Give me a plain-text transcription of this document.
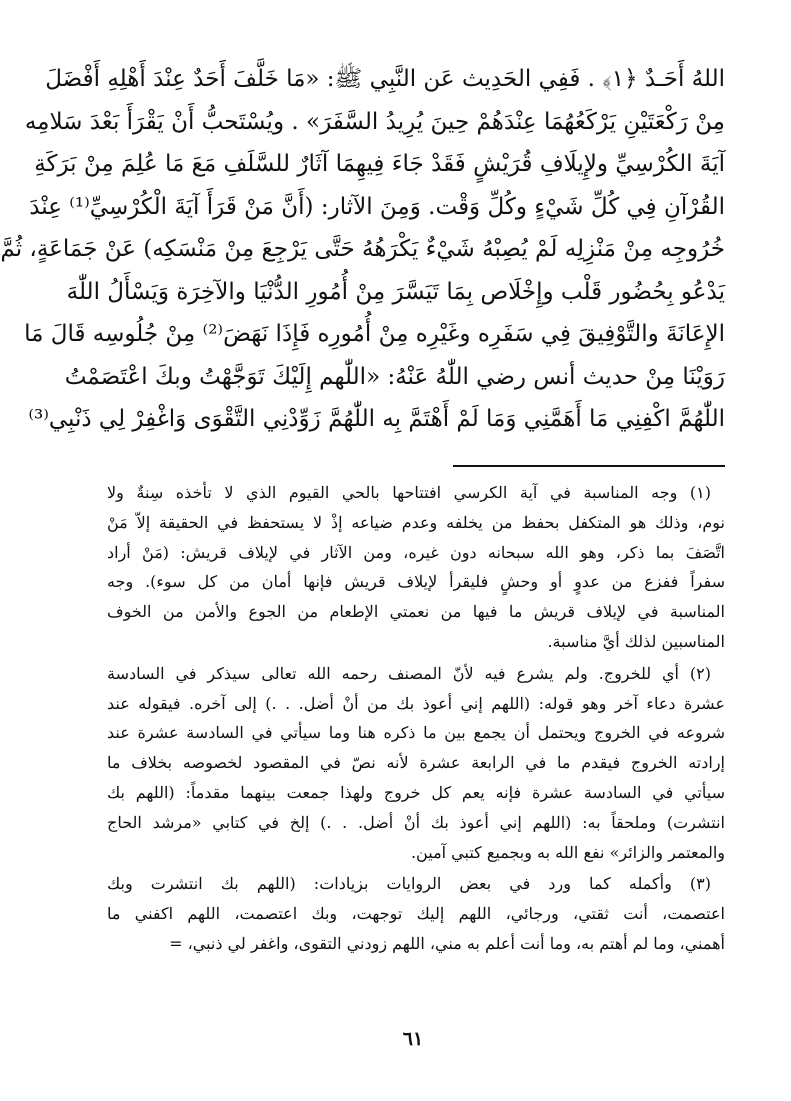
اللهُ أَحَـدٌ ﴿١﴾ . فَفِي الحَدِيث عَن النَّبِي ﷺ: «مَا خَلَّفَ أَحَدٌ عِنْدَ أَهْلِهِ أَفْضَلَ
مِنْ رَكْعَتَيْنِ يَرْكَعُهُمَا عِنْدَهُمْ حِينَ يُرِيدُ السَّفَرَ» . ويُسْتَحبُّ أَنْ يَقْرَأَ بَعْدَ سَلامِه
آيَةَ الكُرْسِيِّ ولإِيلَافِ قُرَيْشٍ فَقَدْ جَاءَ فِيهِمَا آثَارٌ للسَّلَفِ مَعَ مَا عُلِمَ مِنْ بَرَكَةِ
القُرْآنِ فِي كُلِّ شَيْءٍ وكُلِّ وَقْت. وَمِنَ الآثار: (أَنَّ مَنْ قَرَأَ آيَةَ الْكُرْسِيِّ⁽¹⁾ عِنْدَ
خُرُوجِه مِنْ مَنْزِلِه لَمْ يُصِبْهُ شَيْءٌ يَكْرَهُهُ حَتَّى يَرْجِعَ مِنْ مَنْسَكِه) عَنْ جَمَاعَةٍ، ثُمَّ
يَدْعُو بِحُضُور قَلْب وإِخْلَاص بِمَا تَيَسَّرَ مِنْ أُمُورِ الدُّنْيَا والآخِرَة وَيَسْأَلُ اللّٰهَ
الإِعَانَةَ والتَّوْفِيقَ فِي سَفَرِه وغَيْرِه مِنْ أُمُورِه فَإِذَا نَهَضَ⁽²⁾ مِنْ جُلُوسِه قَالَ مَا
رَوَيْنَا مِنْ حديث أنس رضي اللّٰهُ عَنْهُ: «اللّٰهم إِلَيْكَ تَوَجَّهْتُ وبكَ اعْتَصَمْتُ
اللّٰهُمَّ اكْفِنِي مَا أَهَمَّنِي وَمَا لَمْ أَهْتَمَّ بِه اللّٰهُمَّ زَوِّدْنِي التَّقْوَى وَاغْفِرْ لِي ذَنْبِي⁽³⁾
(١) وجه المناسبة في آية الكرسي افتتاحها بالحي القيوم الذي لا تأخذه سِنةٌ ولا
نوم، وذلك هو المتكفل بحفظ من يخلفه وعدم ضياعه إذْ لا يستحفظ في الحقيقة إلاّ مَنْ
اتَّصَفَ بما ذكر، وهو الله سبحانه دون غيره، ومن الآثار في لإيلاف قريش: (مَنْ أراد
سفراً ففزع من عدوٍ أو وحشٍ فليقرأ لإيلاف قريش فإنها أمان من كل سوء). وجه
المناسبة في لإيلاف قريش ما فيها من نعمتي الإطعام من الجوع والأمن من الخوف
المناسبين لذلك أيَّ مناسبة.
(٢) أي للخروج. ولم يشرع فيه لأنّ المصنف رحمه الله تعالى سيذكر في السادسة
عشرة دعاء آخر وهو قوله: (اللهم إني أعوذ بك من أنْ أضل. . .) إلى آخره. فيقوله عند
شروعه في الخروج ويحتمل أن يجمع بين ما ذكره هنا وما سيأتي في السادسة عشرة عند
إرادته الخروج فيقدم ما في الرابعة عشرة لأنه نصّ في المقصود لخصوصه بخلاف ما
سيأتي في السادسة عشرة فإنه يعم كل خروج ولهذا جمعت بينهما مقدماً: (اللهم بك
انتشرت) وملحقاً به: (اللهم إني أعوذ بك أنْ أضل. . .) إلخ في كتابي «مرشد الحاج
والمعتمر والزائر» نفع الله به وبجميع كتبي آمين.
(٣) وأكمله كما ورد في بعض الروايات بزيادات: (اللهم بك انتشرت وبك
اعتصمت، أنت ثقتي، ورجائي، اللهم إليك توجهت، وبك اعتصمت، اللهم اكفني ما
أهمني، وما لم أهتم به، وما أنت أعلم به مني، اللهم زودني التقوى، واغفر لي ذنبي، =
٦١
